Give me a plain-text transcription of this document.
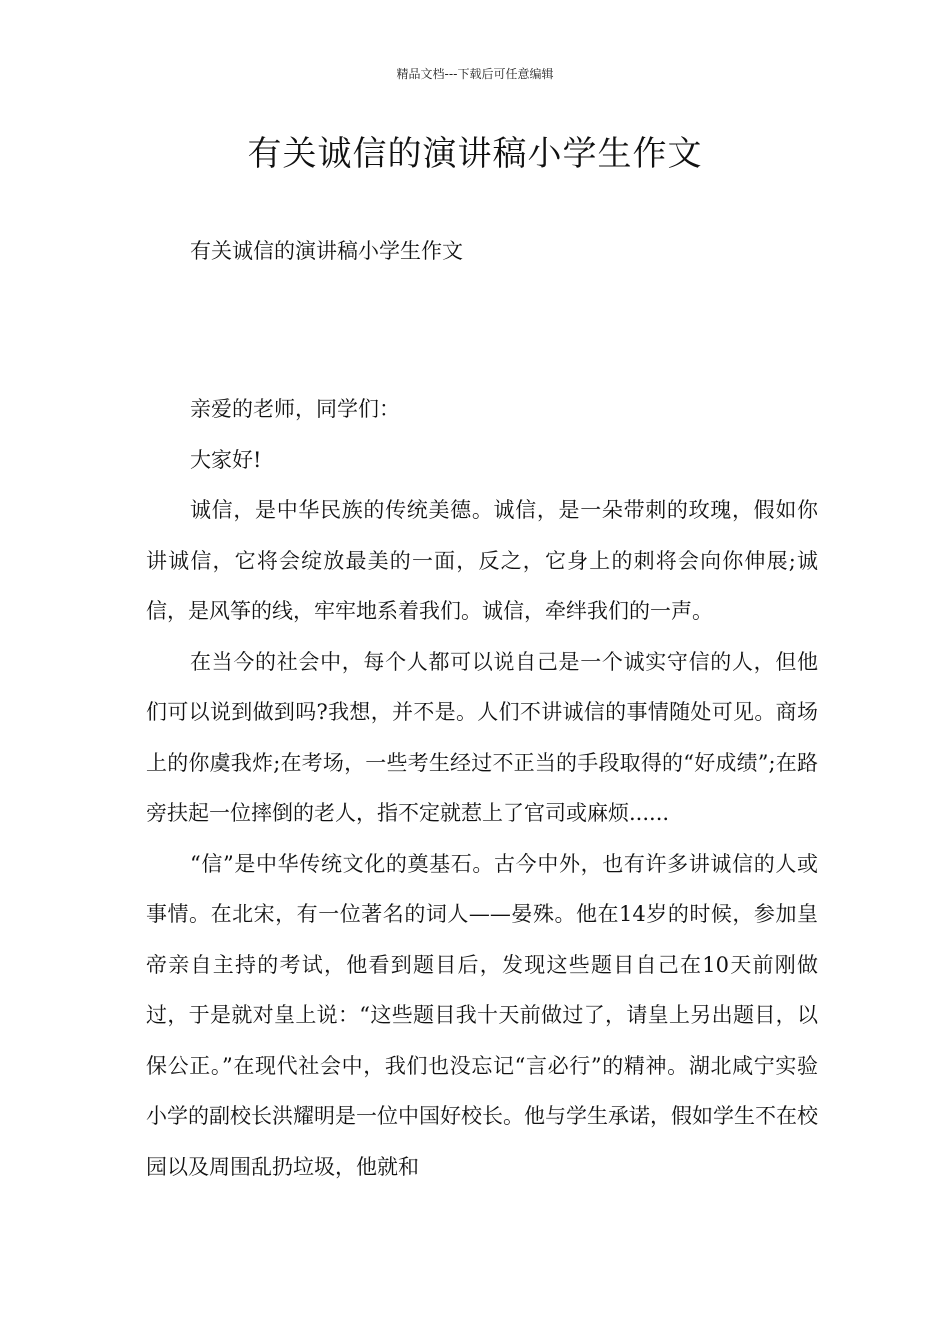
精品文档---下载后可任意编辑
有关诚信的演讲稿小学生作文

有关诚信的演讲稿小学生作文

亲爱的老师，同学们：

大家好!

诚信，是中华民族的传统美德。诚信，是一朵带刺的玫瑰，假如你讲诚信，它将会绽放最美的一面，反之，它身上的刺将会向你伸展;诚信，是风筝的线，牢牢地系着我们。诚信，牵绊我们的一声。

在当今的社会中，每个人都可以说自己是一个诚实守信的人，但他们可以说到做到吗?我想，并不是。人们不讲诚信的事情随处可见。商场上的你虞我炸;在考场，一些考生经过不正当的手段取得的“好成绩”;在路旁扶起一位摔倒的老人，指不定就惹上了官司或麻烦......

“信”是中华传统文化的奠基石。古今中外，也有许多讲诚信的人或事情。在北宋，有一位著名的词人——晏殊。他在14岁的时候，参加皇帝亲自主持的考试，他看到题目后，发现这些题目自己在10天前刚做过，于是就对皇上说：“这些题目我十天前做过了，请皇上另出题目，以保公正。”在现代社会中，我们也没忘记“言必行”的精神。湖北咸宁实验小学的副校长洪耀明是一位中国好校长。他与学生承诺，假如学生不在校园以及周围乱扔垃圾，他就和
